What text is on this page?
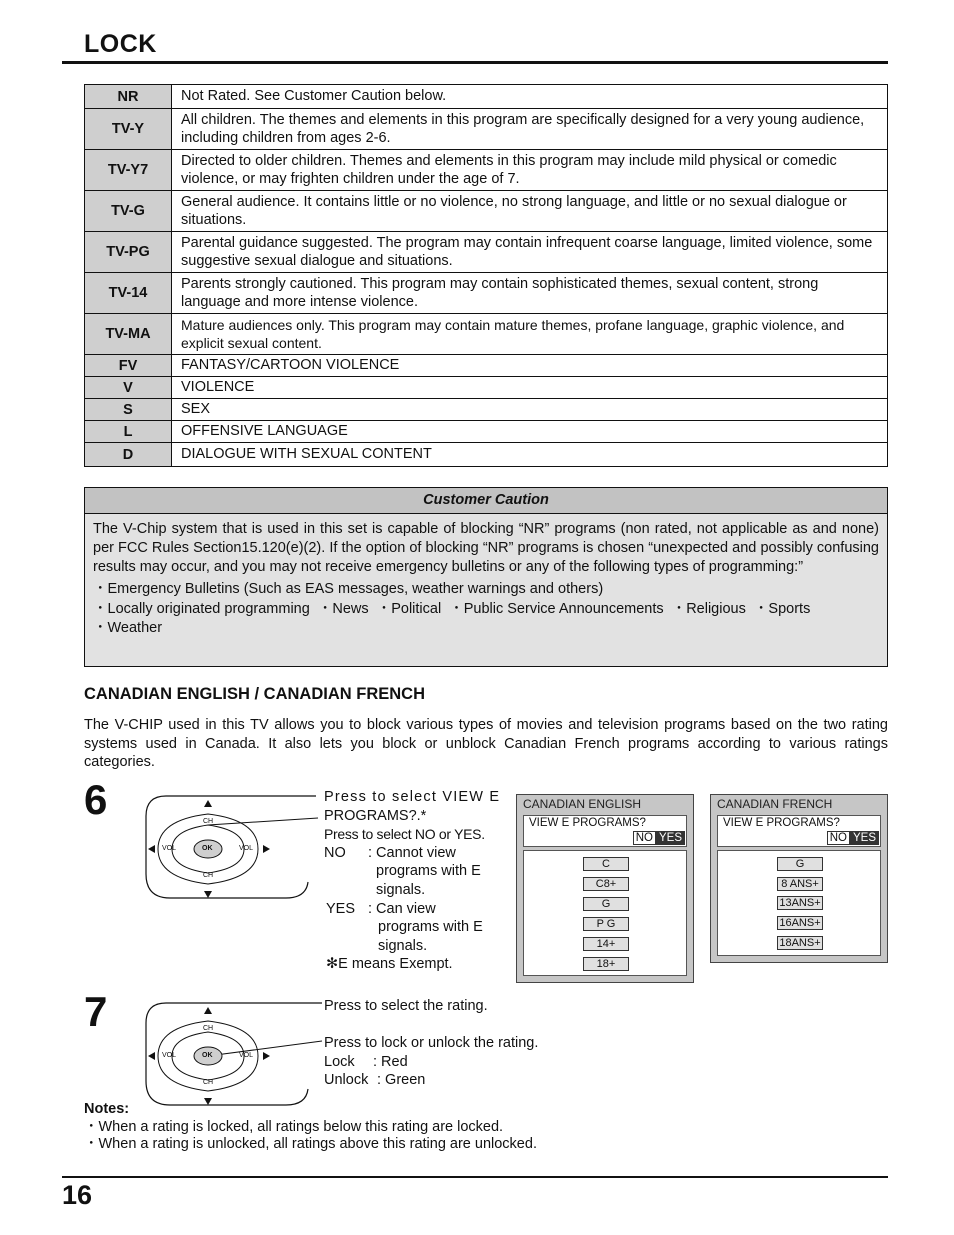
LOCK
NR	Not Rated. See Customer Caution below.
TV-Y	All children. The themes and elements in this program are specifically designed for a very young audience, including children from ages 2-6.
TV-Y7	Directed to older children. Themes and elements in this program may include mild physical or comedic violence, or may frighten children under the age of 7.
TV-G	General audience. It contains little or no violence, no strong language, and little or no sexual dialogue or situations.
TV-PG	Parental guidance suggested. The program may contain infrequent coarse language, limited violence, some suggestive sexual dialogue and situations.
TV-14	Parents strongly cautioned. This program may contain sophisticated themes, sexual content, strong language and more intense violence.
TV-MA	Mature audiences only. This program may contain mature themes, profane language, graphic violence, and explicit sexual content.
FV	FANTASY/CARTOON VIOLENCE
V	VIOLENCE
S	SEX
L	OFFENSIVE LANGUAGE
D	DIALOGUE WITH SEXUAL CONTENT
Customer Caution
The V-Chip system that is used in this set is capable of blocking “NR” programs (non rated, not applicable as and none) per FCC Rules Section15.120(e)(2). If the option of blocking “NR” programs is chosen “unexpected and possibly confusing results may occur, and you may not receive emergency bulletins or any of the following types of programming:”
・Emergency Bulletins (Such as EAS messages, weather warnings and others)
・Locally originated programming ・News ・Political ・Public Service Announcements ・Religious ・Sports
・Weather
CANADIAN ENGLISH / CANADIAN FRENCH
The V-CHIP used in this TV allows you to block various types of movies and television programs based on the two rating systems used in Canada. It also lets you block or unblock Canadian French programs according to various ratings categories.
6
OK
CH
CH
VOL	VOL
Press to select VIEW E
PROGRAMS?.*
Press to select NO or YES.
NO : Cannot view
programs with E
signals.
YES : Can view
programs with E
signals.
✻E means Exempt.
CANADIAN ENGLISH
VIEW E PROGRAMS?
NO YES
C
C8+
G
P G
14+
18+
CANADIAN FRENCH
VIEW E PROGRAMS?
NO YES
G
8 ANS+
13ANS+
16ANS+
18ANS+
7
OK
CH
CH
VOL	VOL
Press to select the rating.
Press to lock or unlock the rating.
Lock : Red
Unlock : Green
Notes:
・When a rating is locked, all ratings below this rating are locked.
・When a rating is unlocked, all ratings above this rating are unlocked.
16
